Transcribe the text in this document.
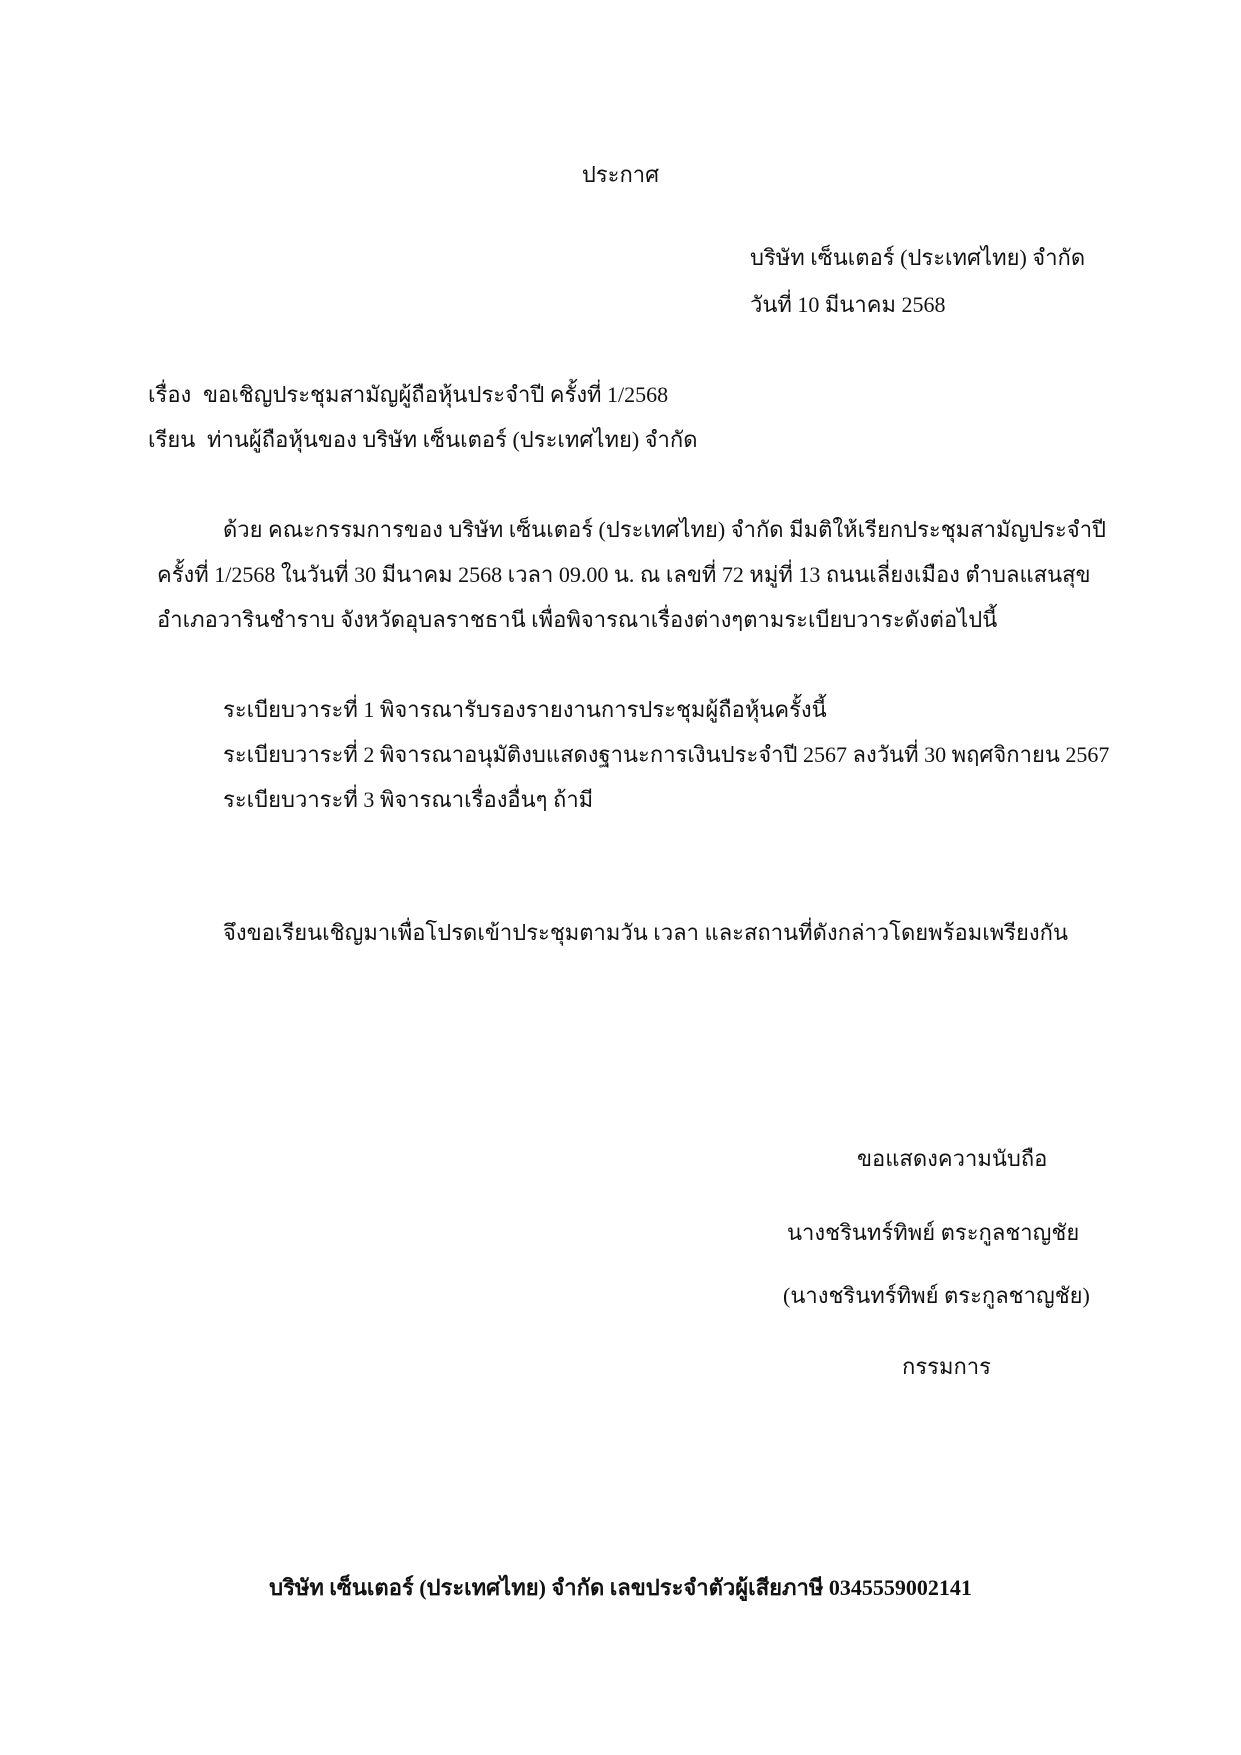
ประกาศ
บริษัท เซ็นเตอร์ (ประเทศไทย) จำกัด
วันที่ 10 มีนาคม 2568
เรื่อง ขอเชิญประชุมสามัญผู้ถือหุ้นประจำปี ครั้งที่ 1/2568
เรียน ท่านผู้ถือหุ้นของ บริษัท เซ็นเตอร์ (ประเทศไทย) จำกัด
ด้วย คณะกรรมการของ บริษัท เซ็นเตอร์ (ประเทศไทย) จำกัด มีมติให้เรียกประชุมสามัญประจำปี
ครั้งที่ 1/2568 ในวันที่ 30 มีนาคม 2568 เวลา 09.00 น. ณ เลขที่ 72 หมู่ที่ 13 ถนนเลี่ยงเมือง ตำบลแสนสุข
อำเภอวารินชำราบ จังหวัดอุบลราชธานี เพื่อพิจารณาเรื่องต่างๆตามระเบียบวาระดังต่อไปนี้
ระเบียบวาระที่ 1 พิจารณารับรองรายงานการประชุมผู้ถือหุ้นครั้งนี้
ระเบียบวาระที่ 2 พิจารณาอนุมัติงบแสดงฐานะการเงินประจำปี 2567 ลงวันที่ 30 พฤศจิกายน 2567
ระเบียบวาระที่ 3 พิจารณาเรื่องอื่นๆ ถ้ามี
จึงขอเรียนเชิญมาเพื่อโปรดเข้าประชุมตามวัน เวลา และสถานที่ดังกล่าวโดยพร้อมเพรียงกัน
ขอแสดงความนับถือ
นางชรินทร์ทิพย์ ตระกูลชาญชัย
(นางชรินทร์ทิพย์ ตระกูลชาญชัย)
กรรมการ
บริษัท เซ็นเตอร์ (ประเทศไทย) จำกัด เลขประจำตัวผู้เสียภาษี 0345559002141
